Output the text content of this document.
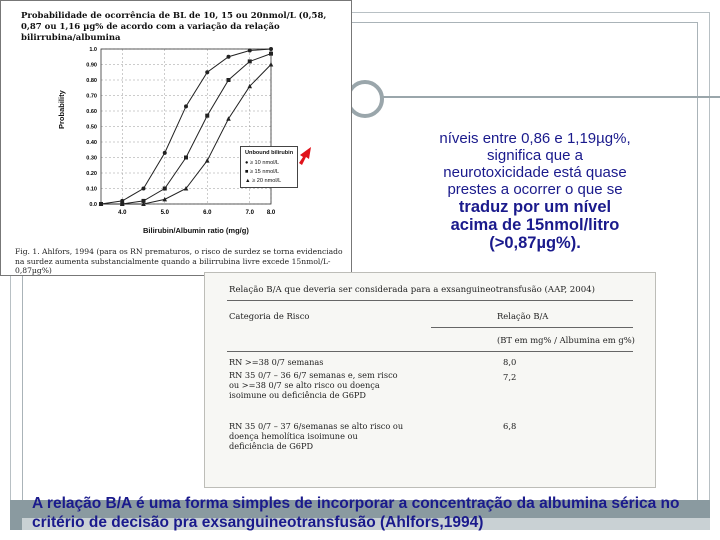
Probabilidade de ocorrência de BL de 10, 15 ou 20nmol/L (0,58, 0,87 ou 1,16 µg% de acordo com a variação da relação bilirrubina/albumina
Probability
0.0
0.10
0.20
0.30
0.40
0.50
0.60
0.70
0.80
0.90
1.0
4.0	5.0	6.0	7.0 8.0
Bilirubin/Albumin ratio (mg/g)
Unbound bilirubin
● ≥ 10 nmol/L
■ ≥ 15 nmol/L
▲ ≥ 20 nmol/L
Fig. 1. Ahlfors, 1994 (para os RN prematuros, o risco de surdez se torna evidenciado na surdez aumenta substancialmente quando a bilirrubina livre excede 15nmol/L-0,87µg%)
níveis entre 0,86 e 1,19µg%,
significa que a
neurotoxicidade está quase
prestes a ocorrer o que se
traduz por um nível
acima de 15nmol/litro
(>0,87µg%).
Relação B/A que deveria ser considerada para a exsanguineotransfusão (AAP, 2004)
Categoria de Risco	Relação B/A
(BT em mg% / Albumina em g%)
RN >=38 0/7 semanas	8,0
RN 35 0/7 – 36 6/7 semanas e, sem risco ou >=38 0/7 se alto risco ou doença isoimune ou deficiência de G6PD
7,2
RN 35 0/7 – 37 6/semanas se alto risco ou doença hemolítica isoimune ou deficiência de G6PD
6,8
A relação B/A é uma forma simples de incorporar a concentração da albumina sérica no critério de decisão pra exsanguineotransfusão (Ahlfors,1994)
